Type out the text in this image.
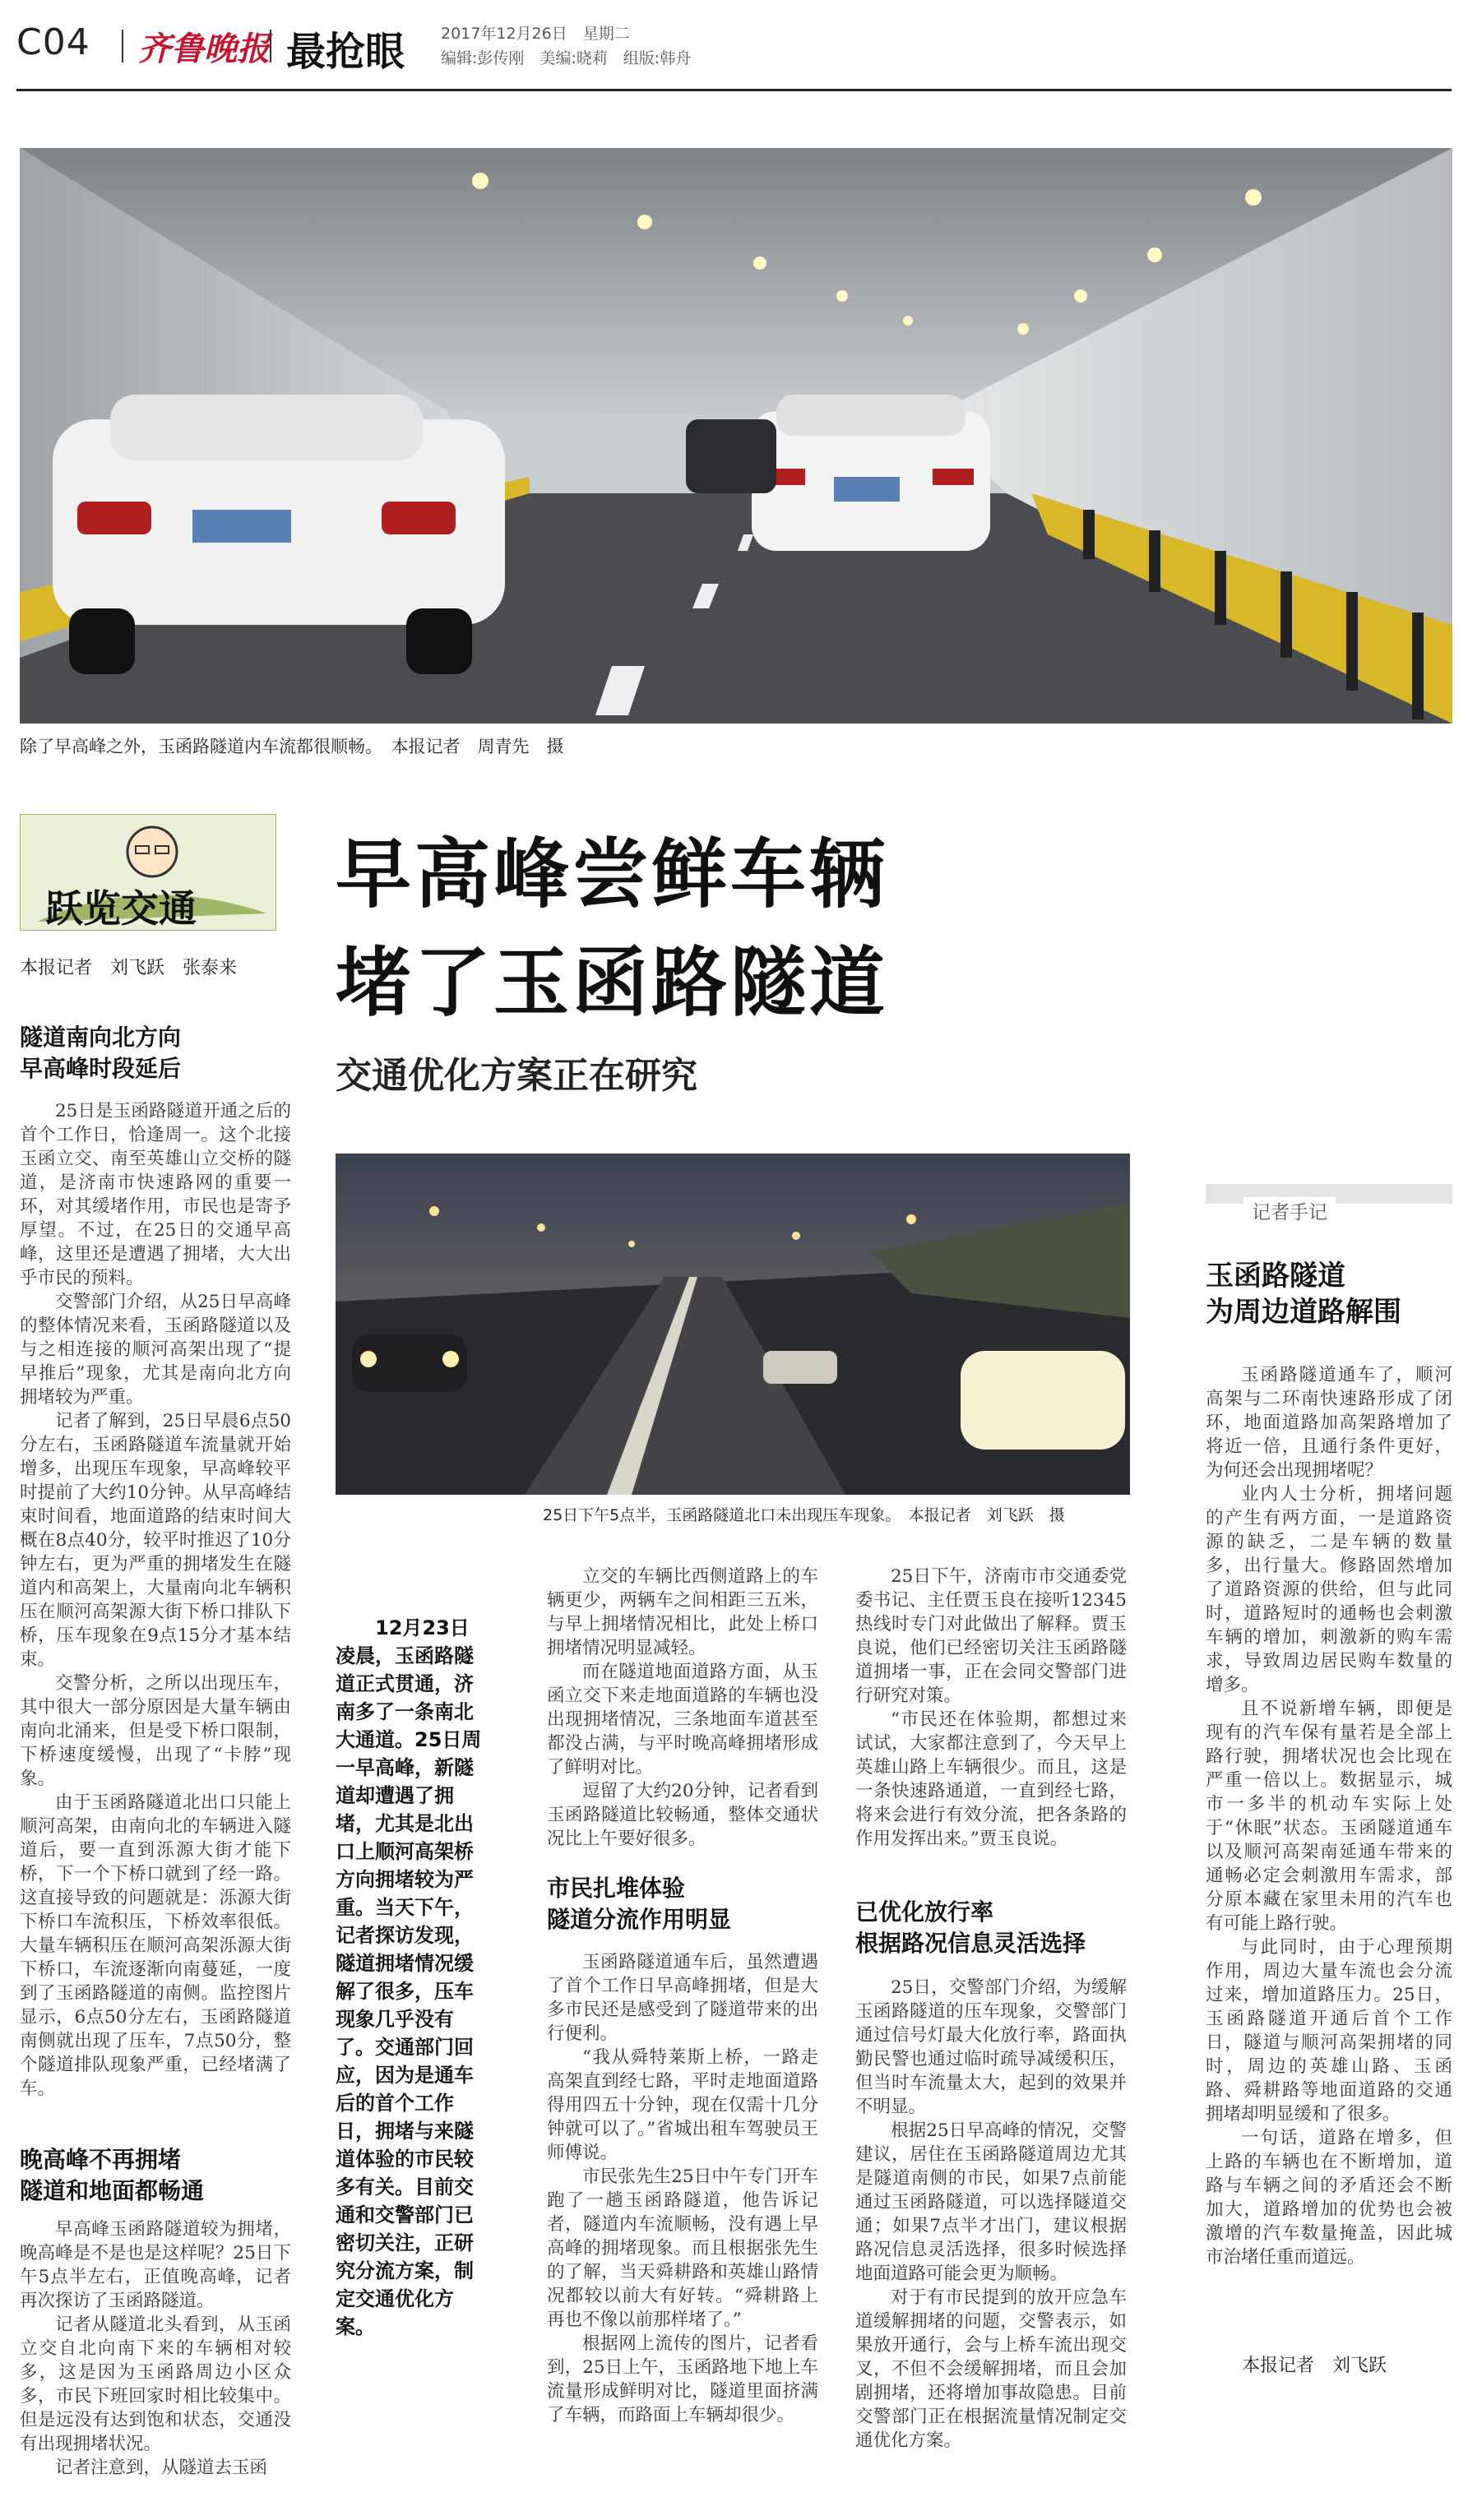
C04 齐鲁晚报 最抢眼 2017年12月26日　星期二
编辑:彭传刚　美编:晓莉　组版:韩舟
除了早高峰之外，玉函路隧道内车流都很顺畅。　本报记者　周青先　摄
跃览交通
本报记者　刘飞跃　张泰来
早高峰尝鲜车辆
堵了玉函路隧道
交通优化方案正在研究
25日下午5点半，玉函路隧道北口未出现压车现象。　本报记者　刘飞跃　摄
隧道南向北方向
早高峰时段延后

25日是玉函路隧道开通之后的首个工作日，恰逢周一。这个北接玉函立交、南至英雄山立交桥的隧道，是济南市快速路网的重要一环，对其缓堵作用，市民也是寄予厚望。不过，在25日的交通早高峰，这里还是遭遇了拥堵，大大出乎市民的预料。

交警部门介绍，从25日早高峰的整体情况来看，玉函路隧道以及与之相连接的顺河高架出现了“提早推后”现象，尤其是南向北方向拥堵较为严重。

记者了解到，25日早晨6点50分左右，玉函路隧道车流量就开始增多，出现压车现象，早高峰较平时提前了大约10分钟。从早高峰结束时间看，地面道路的结束时间大概在8点40分，较平时推迟了10分钟左右，更为严重的拥堵发生在隧道内和高架上，大量南向北车辆积压在顺河高架源大街下桥口排队下桥，压车现象在9点15分才基本结束。

交警分析，之所以出现压车，其中很大一部分原因是大量车辆由南向北涌来，但是受下桥口限制，下桥速度缓慢，出现了“卡脖”现象。

由于玉函路隧道北出口只能上顺河高架，由南向北的车辆进入隧道后，要一直到泺源大街才能下桥，下一个下桥口就到了经一路。这直接导致的问题就是：泺源大街下桥口车流积压，下桥效率很低。大量车辆积压在顺河高架泺源大街下桥口，车流逐渐向南蔓延，一度到了玉函路隧道的南侧。监控图片显示，6点50分左右，玉函路隧道南侧就出现了压车，7点50分，整个隧道排队现象严重，已经堵满了车。

晚高峰不再拥堵
隧道和地面都畅通

早高峰玉函路隧道较为拥堵，晚高峰是不是也是这样呢？25日下午5点半左右，正值晚高峰，记者再次探访了玉函路隧道。

记者从隧道北头看到，从玉函立交自北向南下来的车辆相对较多，这是因为玉函路周边小区众多，市民下班回家时相比较集中。但是远没有达到饱和状态，交通没有出现拥堵状况。

记者注意到，从隧道去玉函

12月23日凌晨，玉函路隧道正式贯通，济南多了一条南北大通道。25日周一早高峰，新隧道却遭遇了拥堵，尤其是北出口上顺河高架桥方向拥堵较为严重。当天下午，记者探访发现，隧道拥堵情况缓解了很多，压车现象几乎没有了。交通部门回应，因为是通车后的首个工作日，拥堵与来隧道体验的市民较多有关。目前交通和交警部门已密切关注，正研究分流方案，制定交通优化方案。

立交的车辆比西侧道路上的车辆更少，两辆车之间相距三五米，与早上拥堵情况相比，此处上桥口拥堵情况明显减轻。

而在隧道地面道路方面，从玉函立交下来走地面道路的车辆也没出现拥堵情况，三条地面车道甚至都没占满，与平时晚高峰拥堵形成了鲜明对比。

逗留了大约20分钟，记者看到玉函路隧道比较畅通，整体交通状况比上午要好很多。

市民扎堆体验
隧道分流作用明显

玉函路隧道通车后，虽然遭遇了首个工作日早高峰拥堵，但是大多市民还是感受到了隧道带来的出行便利。

“我从舜特莱斯上桥，一路走高架直到经七路，平时走地面道路得用四五十分钟，现在仅需十几分钟就可以了。”省城出租车驾驶员王师傅说。

市民张先生25日中午专门开车跑了一趟玉函路隧道，他告诉记者，隧道内车流顺畅，没有遇上早高峰的拥堵现象。而且根据张先生的了解，当天舜耕路和英雄山路情况都较以前大有好转。“舜耕路上再也不像以前那样堵了。”

根据网上流传的图片，记者看到，25日上午，玉函路地下地上车流量形成鲜明对比，隧道里面挤满了车辆，而路面上车辆却很少。

25日下午，济南市市交通委党委书记、主任贾玉良在接听12345热线时专门对此做出了解释。贾玉良说，他们已经密切关注玉函路隧道拥堵一事，正在会同交警部门进行研究对策。

“市民还在体验期，都想过来试试，大家都注意到了，今天早上英雄山路上车辆很少。而且，这是一条快速路通道，一直到经七路，将来会进行有效分流，把各条路的作用发挥出来。”贾玉良说。

已优化放行率
根据路况信息灵活选择

25日，交警部门介绍，为缓解玉函路隧道的压车现象，交警部门通过信号灯最大化放行率，路面执勤民警也通过临时疏导减缓积压，但当时车流量太大，起到的效果并不明显。

根据25日早高峰的情况，交警建议，居住在玉函路隧道周边尤其是隧道南侧的市民，如果7点前能通过玉函路隧道，可以选择隧道交通；如果7点半才出门，建议根据路况信息灵活选择，很多时候选择地面道路可能会更为顺畅。

对于有市民提到的放开应急车道缓解拥堵的问题，交警表示，如果放开通行，会与上桥车流出现交叉，不但不会缓解拥堵，而且会加剧拥堵，还将增加事故隐患。目前交警部门正在根据流量情况制定交通优化方案。

记者手记
玉函路隧道
为周边道路解围

玉函路隧道通车了，顺河高架与二环南快速路形成了闭环，地面道路加高架路增加了将近一倍，且通行条件更好，为何还会出现拥堵呢？

业内人士分析，拥堵问题的产生有两方面，一是道路资源的缺乏，二是车辆的数量多，出行量大。修路固然增加了道路资源的供给，但与此同时，道路短时的通畅也会刺激车辆的增加，刺激新的购车需求，导致周边居民购车数量的增多。

且不说新增车辆，即便是现有的汽车保有量若是全部上路行驶，拥堵状况也会比现在严重一倍以上。数据显示，城市一多半的机动车实际上处于“休眠”状态。玉函隧道通车以及顺河高架南延通车带来的通畅必定会刺激用车需求，部分原本藏在家里未用的汽车也有可能上路行驶。

与此同时，由于心理预期作用，周边大量车流也会分流过来，增加道路压力。25日，玉函路隧道开通后首个工作日，隧道与顺河高架拥堵的同时，周边的英雄山路、玉函路、舜耕路等地面道路的交通拥堵却明显缓和了很多。

一句话，道路在增多，但上路的车辆也在不断增加，道路与车辆之间的矛盾还会不断加大，道路增加的优势也会被激增的汽车数量掩盖，因此城市治堵任重而道远。

本报记者　刘飞跃
